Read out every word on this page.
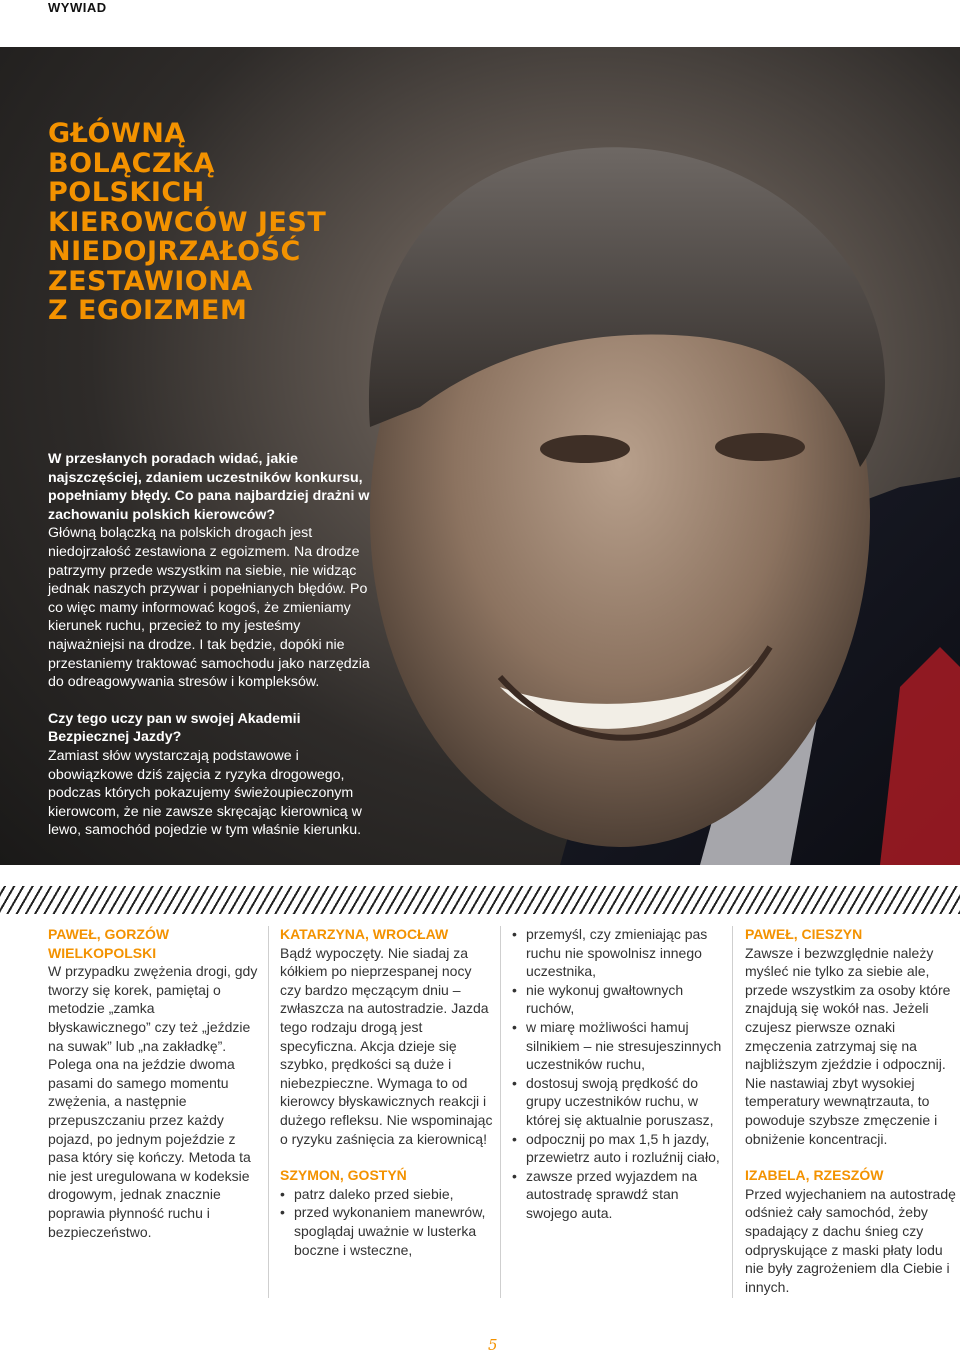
WYWIAD
GŁÓWNĄ
BOLĄCZKĄ
POLSKICH
KIEROWCÓW JEST
NIEDOJRZAŁOŚĆ
ZESTAWIONA
Z EGOIZMEM

W przesłanych poradach widać, jakie najszczęściej, zdaniem uczestników konkursu, popełniamy błędy. Co pana najbardziej drażni w zachowaniu polskich kierowców?

Główną bolączką na polskich drogach jest niedojrzałość zestawiona z egoizmem. Na drodze patrzymy przede wszystkim na siebie, nie widząc jednak naszych przywar i popełnianych błędów. Po co więc mamy informować kogoś, że zmieniamy kierunek ruchu, przecież to my jesteśmy najważniejsi na drodze. I tak będzie, dopóki nie przestaniemy traktować samochodu jako narzędzia do odreagowywania stresów i kompleksów.

Czy tego uczy pan w swojej Akademii Bezpiecznej Jazdy?

Zamiast słów wystarczają podstawowe i obowiązkowe dziś zajęcia z ryzyka drogowego, podczas których pokazujemy świeżoupieczonym kierowcom, że nie zawsze skręcając kierownicą w lewo, samochód pojedzie w tym właśnie kierunku.

PAWEŁ, GORZÓW WIELKOPOLSKI

W przypadku zwężenia drogi, gdy tworzy się korek, pamiętaj o metodzie „zamka błyskawicznego” czy też „jeździe na suwak” lub „na zakładkę”. Polega ona na jeździe dwoma pasami do samego momentu zwężenia, a następnie przepuszczaniu przez każdy pojazd, po jednym pojeździe z pasa który się kończy. Metoda ta nie jest uregulowana w kodeksie drogowym, jednak znacznie poprawia płynność ruchu i bezpieczeństwo.

KATARZYNA, WROCŁAW

Bądź wypoczęty. Nie siadaj za kółkiem po nieprzespanej nocy czy bardzo męczącym dniu – zwłaszcza na autostradzie. Jazda tego rodzaju drogą jest specyficzna. Akcja dzieje się szybko, prędkości są duże i niebezpieczne. Wymaga to od kierowcy błyskawicznych reakcji i dużego refleksu. Nie wspominając o ryzyku zaśnięcia za kierownicą!

SZYMON, GOSTYŃ

• patrz daleko przed siebie,
• przed wykonaniem manewrów, spoglądaj uważnie w lusterka boczne i wsteczne,
• przemyśl, czy zmieniając pas ruchu nie spowolnisz innego uczestnika,
• nie wykonuj gwałtownych ruchów,
• w miarę możliwości hamuj silnikiem – nie stresujeszinnych uczestników ruchu,
• dostosuj swoją prędkość do grupy uczestników ruchu, w której się aktualnie poruszasz,
• odpocznij po max 1,5 h jazdy, przewietrz auto i rozluźnij ciało,
• zawsze przed wyjazdem na autostradę sprawdź stan swojego auta.

PAWEŁ, CIESZYN

Zawsze i bezwzględnie należy myśleć nie tylko za siebie ale, przede wszystkim za osoby które znajdują się wokół nas. Jeżeli czujesz pierwsze oznaki zmęczenia zatrzymaj się na najbliższym zjeździe i odpocznij. Nie nastawiaj zbyt wysokiej temperatury wewnątrzauta, to powoduje szybsze zmęczenie i obniżenie koncentracji.

IZABELA, RZESZÓW

Przed wyjechaniem na autostradę odśnież cały samochód, żeby spadający z dachu śnieg czy odpryskujące z maski płaty lodu nie były zagrożeniem dla Ciebie i innych.

5
